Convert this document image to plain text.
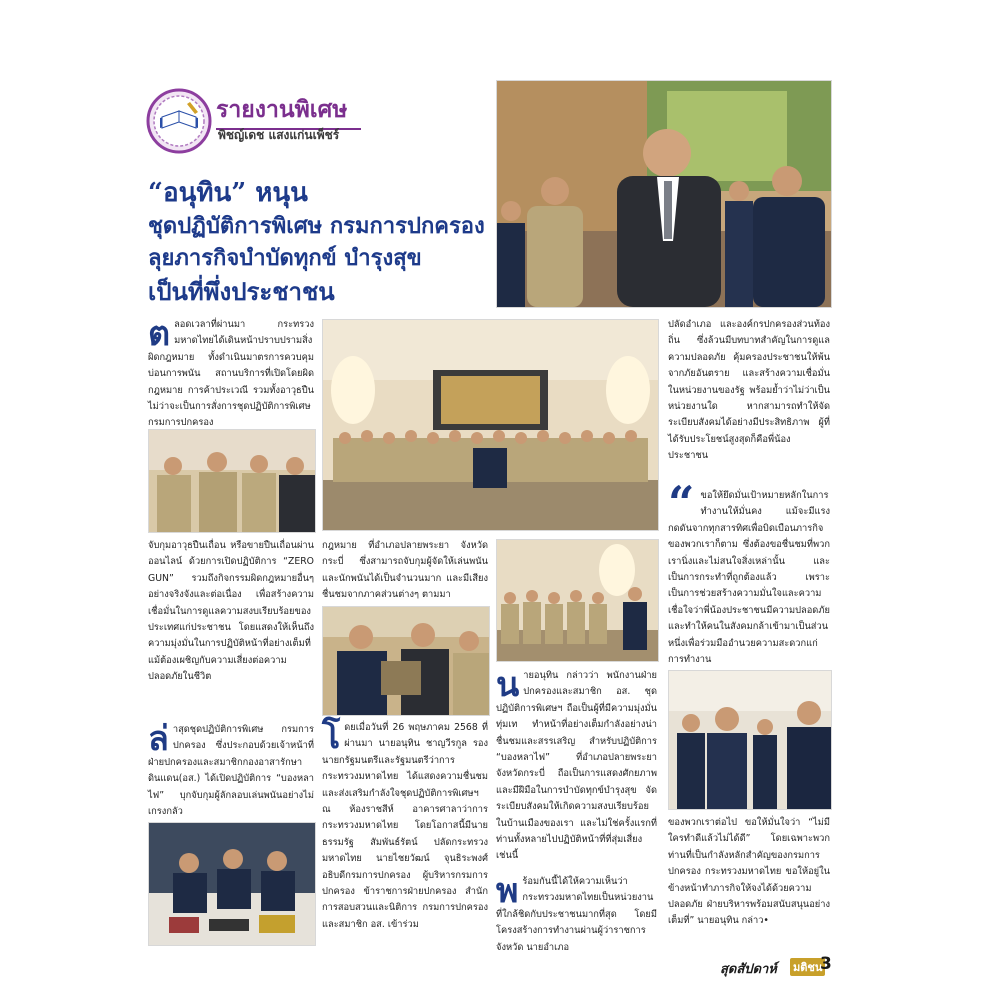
รายงานพิเศษ
พิชญ์เดช แสงแก่นเพ็ชร์
“อนุทิน” หนุน
ชุดปฏิบัติการพิเศษ กรมการปกครอง
ลุยภารกิจบำบัดทุกข์ บำรุงสุข
เป็นที่พึ่งประชาชน
ต ลอดเวลาที่ผ่านมา กระทรวงมหาดไทยได้เดินหน้าปราบปรามสิ่งผิดกฎหมาย ทั้งดำเนินมาตรการควบคุมบ่อนการพนัน สถานบริการที่เปิดโดยผิดกฎหมาย การค้าประเวณี รวมทั้งอาวุธปืน ไม่ว่าจะเป็นการสั่งการชุดปฏิบัติการพิเศษ กรมการปกครอง

จับกุมอาวุธปืนเถื่อน หรือขายปืนเถื่อนผ่านออนไลน์ ด้วยการเปิดปฏิบัติการ “ZERO GUN” รวมถึงกิจกรรมผิดกฎหมายอื่นๆ อย่างจริงจังและต่อเนื่อง เพื่อสร้างความเชื่อมั่นในการดูแลความสงบเรียบร้อยของประเทศแก่ประชาชน โดยแสดงให้เห็นถึงความมุ่งมั่นในการปฏิบัติหน้าที่อย่างเต็มที่ แม้ต้องเผชิญกับความเสี่ยงต่อความปลอดภัยในชีวิต

ล่ าสุดชุดปฏิบัติการพิเศษ กรมการปกครอง ซึ่งประกอบด้วยเจ้าหน้าที่ฝ่ายปกครองและสมาชิกกองอาสารักษาดินแดน(อส.) ได้เปิดปฏิบัติการ “บองหลาไฟ” บุกจับกุมผู้ลักลอบเล่นพนันอย่างไม่เกรงกลัว

กฎหมาย ที่อำเภอปลายพระยา จังหวัดกระบี่ ซึ่งสามารถจับกุมผู้จัดให้เล่นพนันและนักพนันได้เป็นจำนวนมาก และมีเสียงชื่นชมจากภาคส่วนต่างๆ ตามมา

โ ดยเมื่อวันที่ 26 พฤษภาคม 2568 ที่ผ่านมา นายอนุทิน ชาญวีรกูล รองนายกรัฐมนตรีและรัฐมนตรีว่าการกระทรวงมหาดไทย ได้แสดงความชื่นชมและส่งเสริมกำลังใจชุดปฏิบัติการพิเศษฯ ณ ห้องราชสีห์ อาคารศาลาว่าการกระทรวงมหาดไทย โดยโอกาสนี้มีนายธรรมรัฐ สัมพันธ์รัตน์ ปลัดกระทรวงมหาดไทย นายไชยวัฒน์ จุนธิระพงศ์ อธิบดีกรมการปกครอง ผู้บริหารกรมการปกครอง ข้าราชการฝ่ายปกครอง สำนักการสอบสวนและนิติการ กรมการปกครอง และสมาชิก อส. เข้าร่วม

น ายอนุทิน กล่าวว่า พนักงานฝ่ายปกครองและสมาชิก อส. ชุดปฏิบัติการพิเศษฯ ถือเป็นผู้ที่มีความมุ่งมั่น ทุ่มเท ทำหน้าที่อย่างเต็มกำลังอย่างน่าชื่นชมและสรรเสริญ สำหรับปฏิบัติการ “บองหลาไฟ” ที่อำเภอปลายพระยา จังหวัดกระบี่ ถือเป็นการแสดงศักยภาพและมีฝีมือในการบำบัดทุกข์บำรุงสุข จัดระเบียบสังคมให้เกิดความสงบเรียบร้อยในบ้านเมืองของเรา และไม่ใช่ครั้งแรกที่ท่านทั้งหลายไปปฏิบัติหน้าที่ที่สุ่มเสี่ยงเช่นนี้

พ ร้อมกันนี้ได้ให้ความเห็นว่า กระทรวงมหาดไทยเป็นหน่วยงานที่ใกล้ชิดกับประชาชนมากที่สุด โดยมีโครงสร้างการทำงานผ่านผู้ว่าราชการจังหวัด นายอำเภอ

ปลัดอำเภอ และองค์กรปกครองส่วนท้องถิ่น ซึ่งล้วนมีบทบาทสำคัญในการดูแลความปลอดภัย คุ้มครองประชาชนให้พ้นจากภัยอันตราย และสร้างความเชื่อมั่นในหน่วยงานของรัฐ พร้อมย้ำว่าไม่ว่าเป็นหน่วยงานใด หากสามารถทำให้จัดระเบียบสังคมได้อย่างมีประสิทธิภาพ ผู้ที่ได้รับประโยชน์สูงสุดก็คือพี่น้องประชาชน

“ ขอให้ยึดมั่นเป้าหมายหลักในการทำงานให้มั่นคง แม้จะมีแรงกดดันจากทุกสารทิศเพื่อบิดเบือนภารกิจของพวกเราก็ตาม ซึ่งต้องขอชื่นชมที่พวกเรานิ่งและไม่สนใจสิ่งเหล่านั้น และเป็นการกระทำที่ถูกต้องแล้ว เพราะเป็นการช่วยสร้างความมั่นใจและความเชื่อใจว่าพี่น้องประชาชนมีความปลอดภัย และทำให้คนในสังคมกล้าเข้ามาเป็นส่วนหนึ่งเพื่อร่วมมืออำนวยความสะดวกแก่การทำงาน

ของพวกเราต่อไป ขอให้มั่นใจว่า “ไม่มีใครทำดีแล้วไม่ได้ดี” โดยเฉพาะพวกท่านที่เป็นกำลังหลักสำคัญของกรมการปกครอง กระทรวงมหาดไทย ขอให้อยู่ในข้างหน้าทำภารกิจให้จงได้ด้วยความปลอดภัย ฝ่ายบริหารพร้อมสนับสนุนอย่างเต็มที่” นายอนุทิน กล่าว•

สุดสัปดาห์ มติชน
3
